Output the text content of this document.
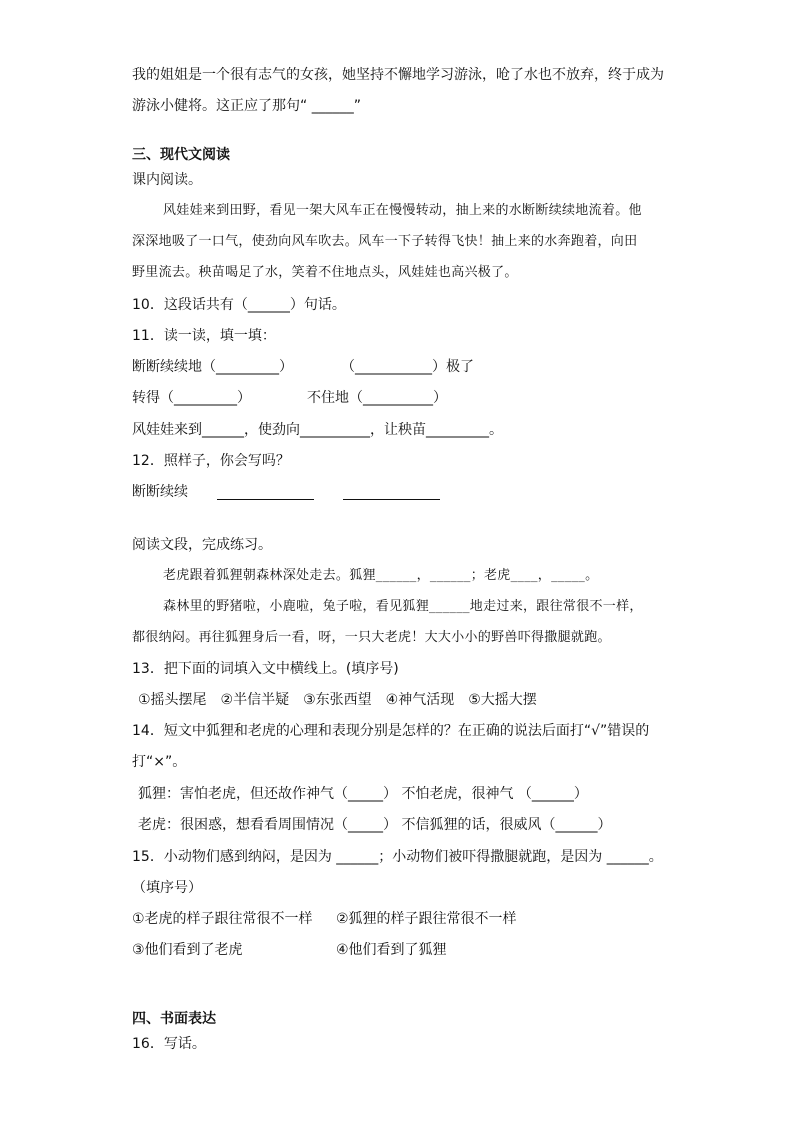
我的姐姐是一个很有志气的女孩，她坚持不懈地学习游泳，呛了水也不放弃，终于成为
游泳小健将。这正应了那句“ ______”
三、现代文阅读
课内阅读。
风娃娃来到田野，看见一架大风车正在慢慢转动，抽上来的水断断续续地流着。他
深深地吸了一口气，使劲向风车吹去。风车一下子转得飞快！抽上来的水奔跑着，向田
野里流去。秧苗喝足了水，笑着不住地点头，风娃娃也高兴极了。
10．这段话共有（______）句话。
11．读一读，填一填：
断断续续地（_________）	（___________）极了
转得（_________）	不住地（__________）
风娃娃来到______，使劲向__________，让秧苗_________。
12．照样子，你会写吗？
断断续续
阅读文段，完成练习。
老虎跟着狐狸朝森林深处走去。狐狸______，______；老虎____，_____。
森林里的野猪啦，小鹿啦，兔子啦，看见狐狸______地走过来，跟往常很不一样，
都很纳闷。再往狐狸身后一看，呀，一只大老虎！大大小小的野兽吓得撒腿就跑。
13．把下面的词填入文中横线上。(填序号)
①摇头摆尾　②半信半疑　③东张西望　④神气活现　⑤大摇大摆
14．短文中狐狸和老虎的心理和表现分别是怎样的？在正确的说法后面打“√”错误的
打“×”。
狐狸：害怕老虎，但还故作神气（_____） 不怕老虎，很神气 （______）
老虎：很困惑，想看看周围情况（_____） 不信狐狸的话，很威风（______）
15．小动物们感到纳闷，是因为 ______；小动物们被吓得撒腿就跑，是因为 ______。
（填序号）
①老虎的样子跟往常很不一样 ②狐狸的样子跟往常很不一样
③他们看到了老虎	④他们看到了狐狸
四、书面表达
16．写话。
